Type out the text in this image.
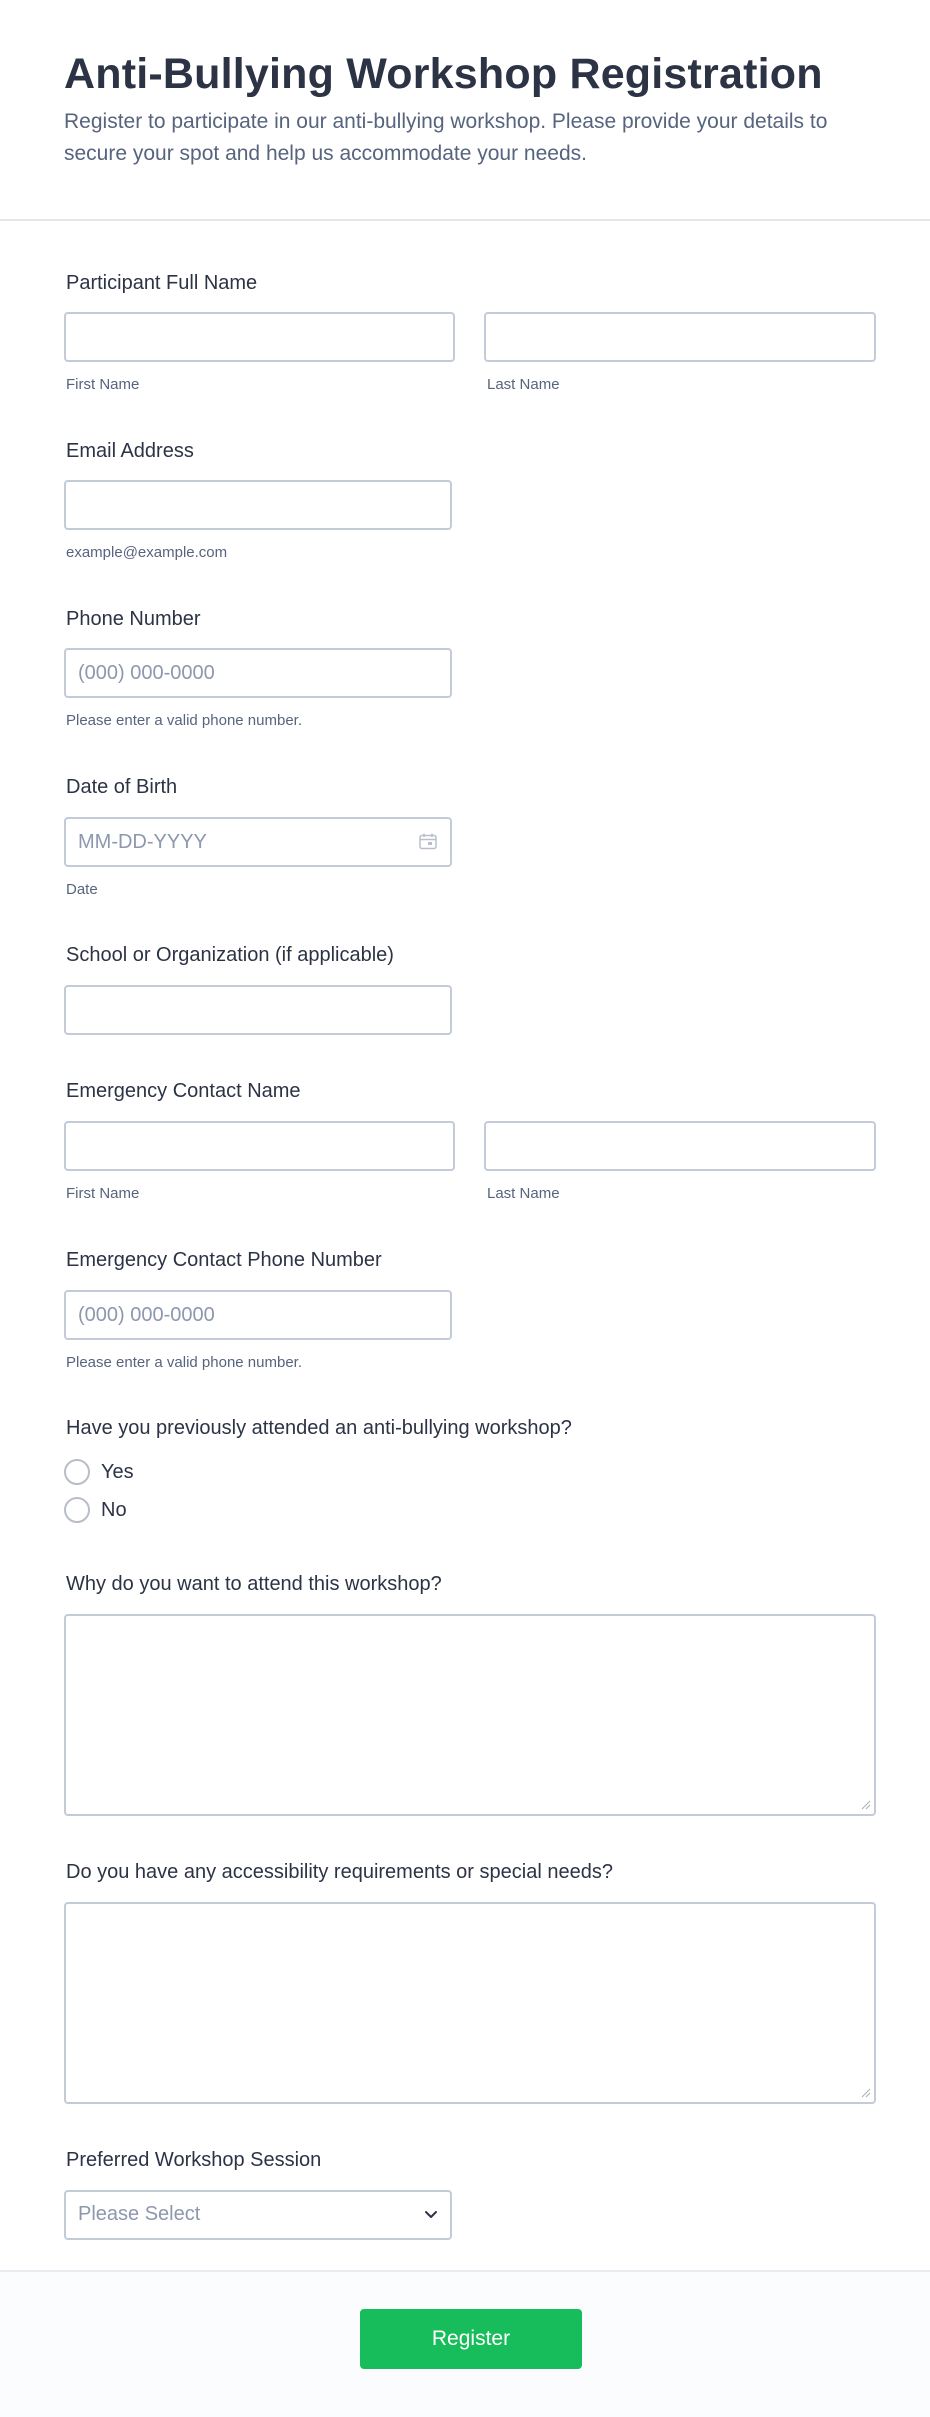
Anti-Bullying Workshop Registration

Register to participate in our anti-bullying workshop. Please provide your details to secure your spot and help us accommodate your needs.

Participant Full Name
First Name	Last Name
Email Address
example@example.com
Phone Number
(000) 000-0000
Please enter a valid phone number.
Date of Birth
MM-DD-YYYY
Date
School or Organization (if applicable)
Emergency Contact Name
First Name	Last Name
Emergency Contact Phone Number
(000) 000-0000
Please enter a valid phone number.
Have you previously attended an anti-bullying workshop?
Yes
No
Why do you want to attend this workshop?
Do you have any accessibility requirements or special needs?
Preferred Workshop Session
Please Select
Register
